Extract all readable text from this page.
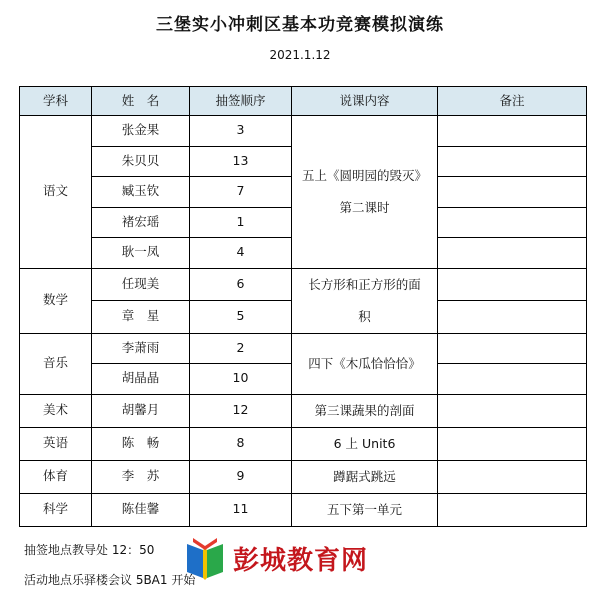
三堡实小冲刺区基本功竞赛模拟演练
2021.1.12
学科	姓　名	抽签顺序	说课内容	备注
语文	张金果	3	五上《圆明园的毁灭》
第二课时	

	朱贝贝	13		
	臧玉钦	7		
	褚宏瑶	1		
	耿一凤	4		
数学	任现美	6	长方形和正方形的面
积	

	章　星	5		
音乐	李萧雨	2	四下《木瓜恰恰恰》	

	胡晶晶	10		
美术	胡馨月	12	第三课蔬果的剖面	

英语	陈　畅	8	6 上 Unit6	

体育	李　苏	9	蹲踞式跳远	

科学	陈佳馨	11	五下第一单元	

抽签地点教导处 12：50
活动地点乐驿楼会议 5BA1 开始
彭城教育网
